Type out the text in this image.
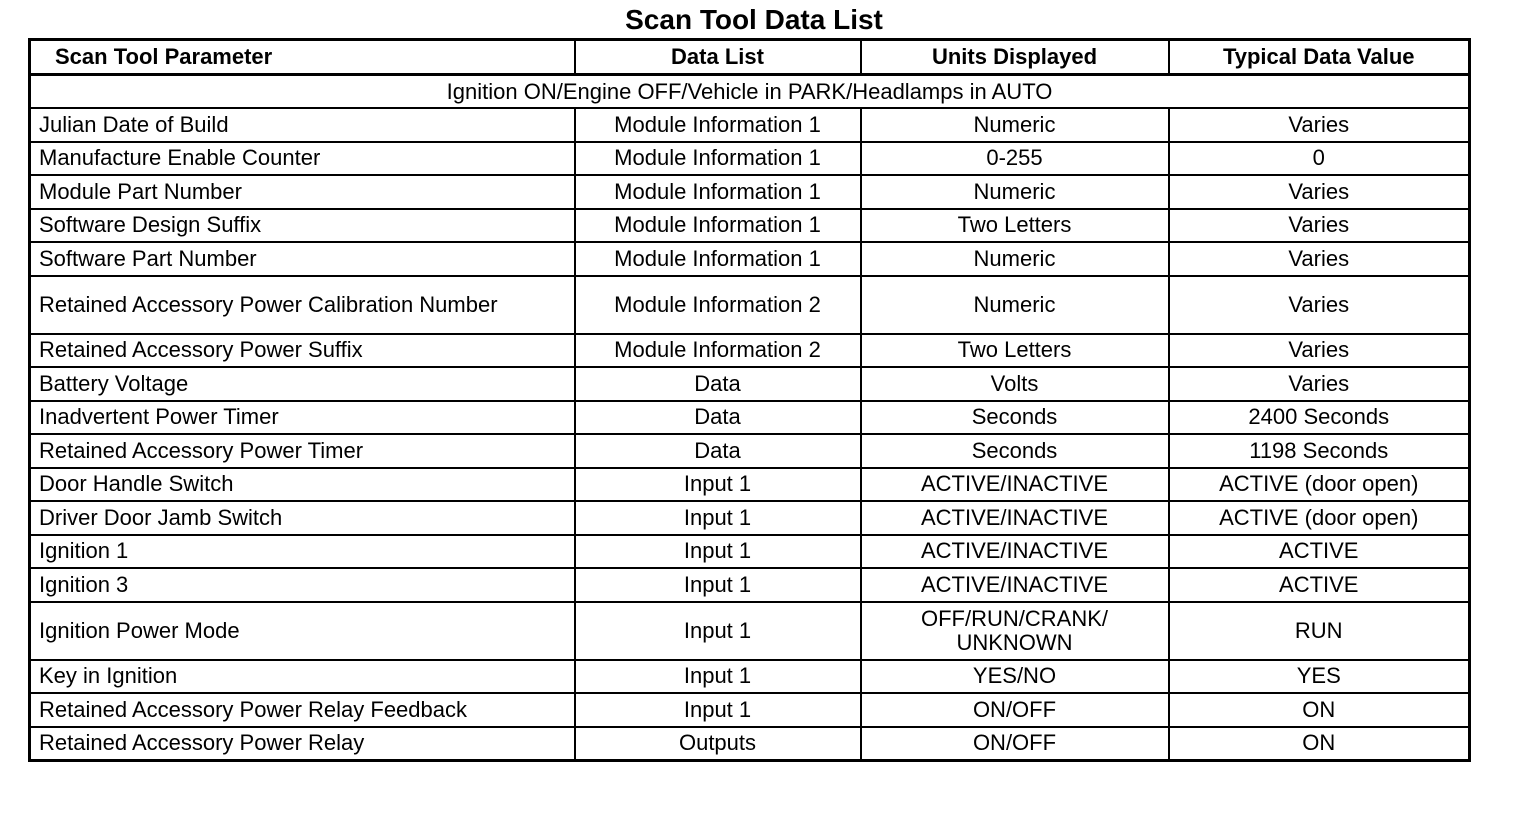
Scan Tool Data List
Scan Tool Parameter	Data List	Units Displayed	Typical Data Value
Ignition ON/Engine OFF/Vehicle in PARK/Headlamps in AUTO			
Julian Date of Build	Module Information 1	Numeric	Varies
Manufacture Enable Counter	Module Information 1	0-255	0
Module Part Number	Module Information 1	Numeric	Varies
Software Design Suffix	Module Information 1	Two Letters	Varies
Software Part Number	Module Information 1	Numeric	Varies
Retained Accessory Power Calibration Number	Module Information 2	Numeric	Varies
Retained Accessory Power Suffix	Module Information 2	Two Letters	Varies
Battery Voltage	Data	Volts	Varies
Inadvertent Power Timer	Data	Seconds	2400 Seconds
Retained Accessory Power Timer	Data	Seconds	1198 Seconds
Door Handle Switch	Input 1	ACTIVE/INACTIVE	ACTIVE (door open)
Driver Door Jamb Switch	Input 1	ACTIVE/INACTIVE	ACTIVE (door open)
Ignition 1	Input 1	ACTIVE/INACTIVE	ACTIVE
Ignition 3	Input 1	ACTIVE/INACTIVE	ACTIVE
Ignition Power Mode	Input 1	OFF/RUN/CRANK/ UNKNOWN	RUN
Key in Ignition	Input 1	YES/NO	YES
Retained Accessory Power Relay Feedback	Input 1	ON/OFF	ON
Retained Accessory Power Relay	Outputs	ON/OFF	ON
